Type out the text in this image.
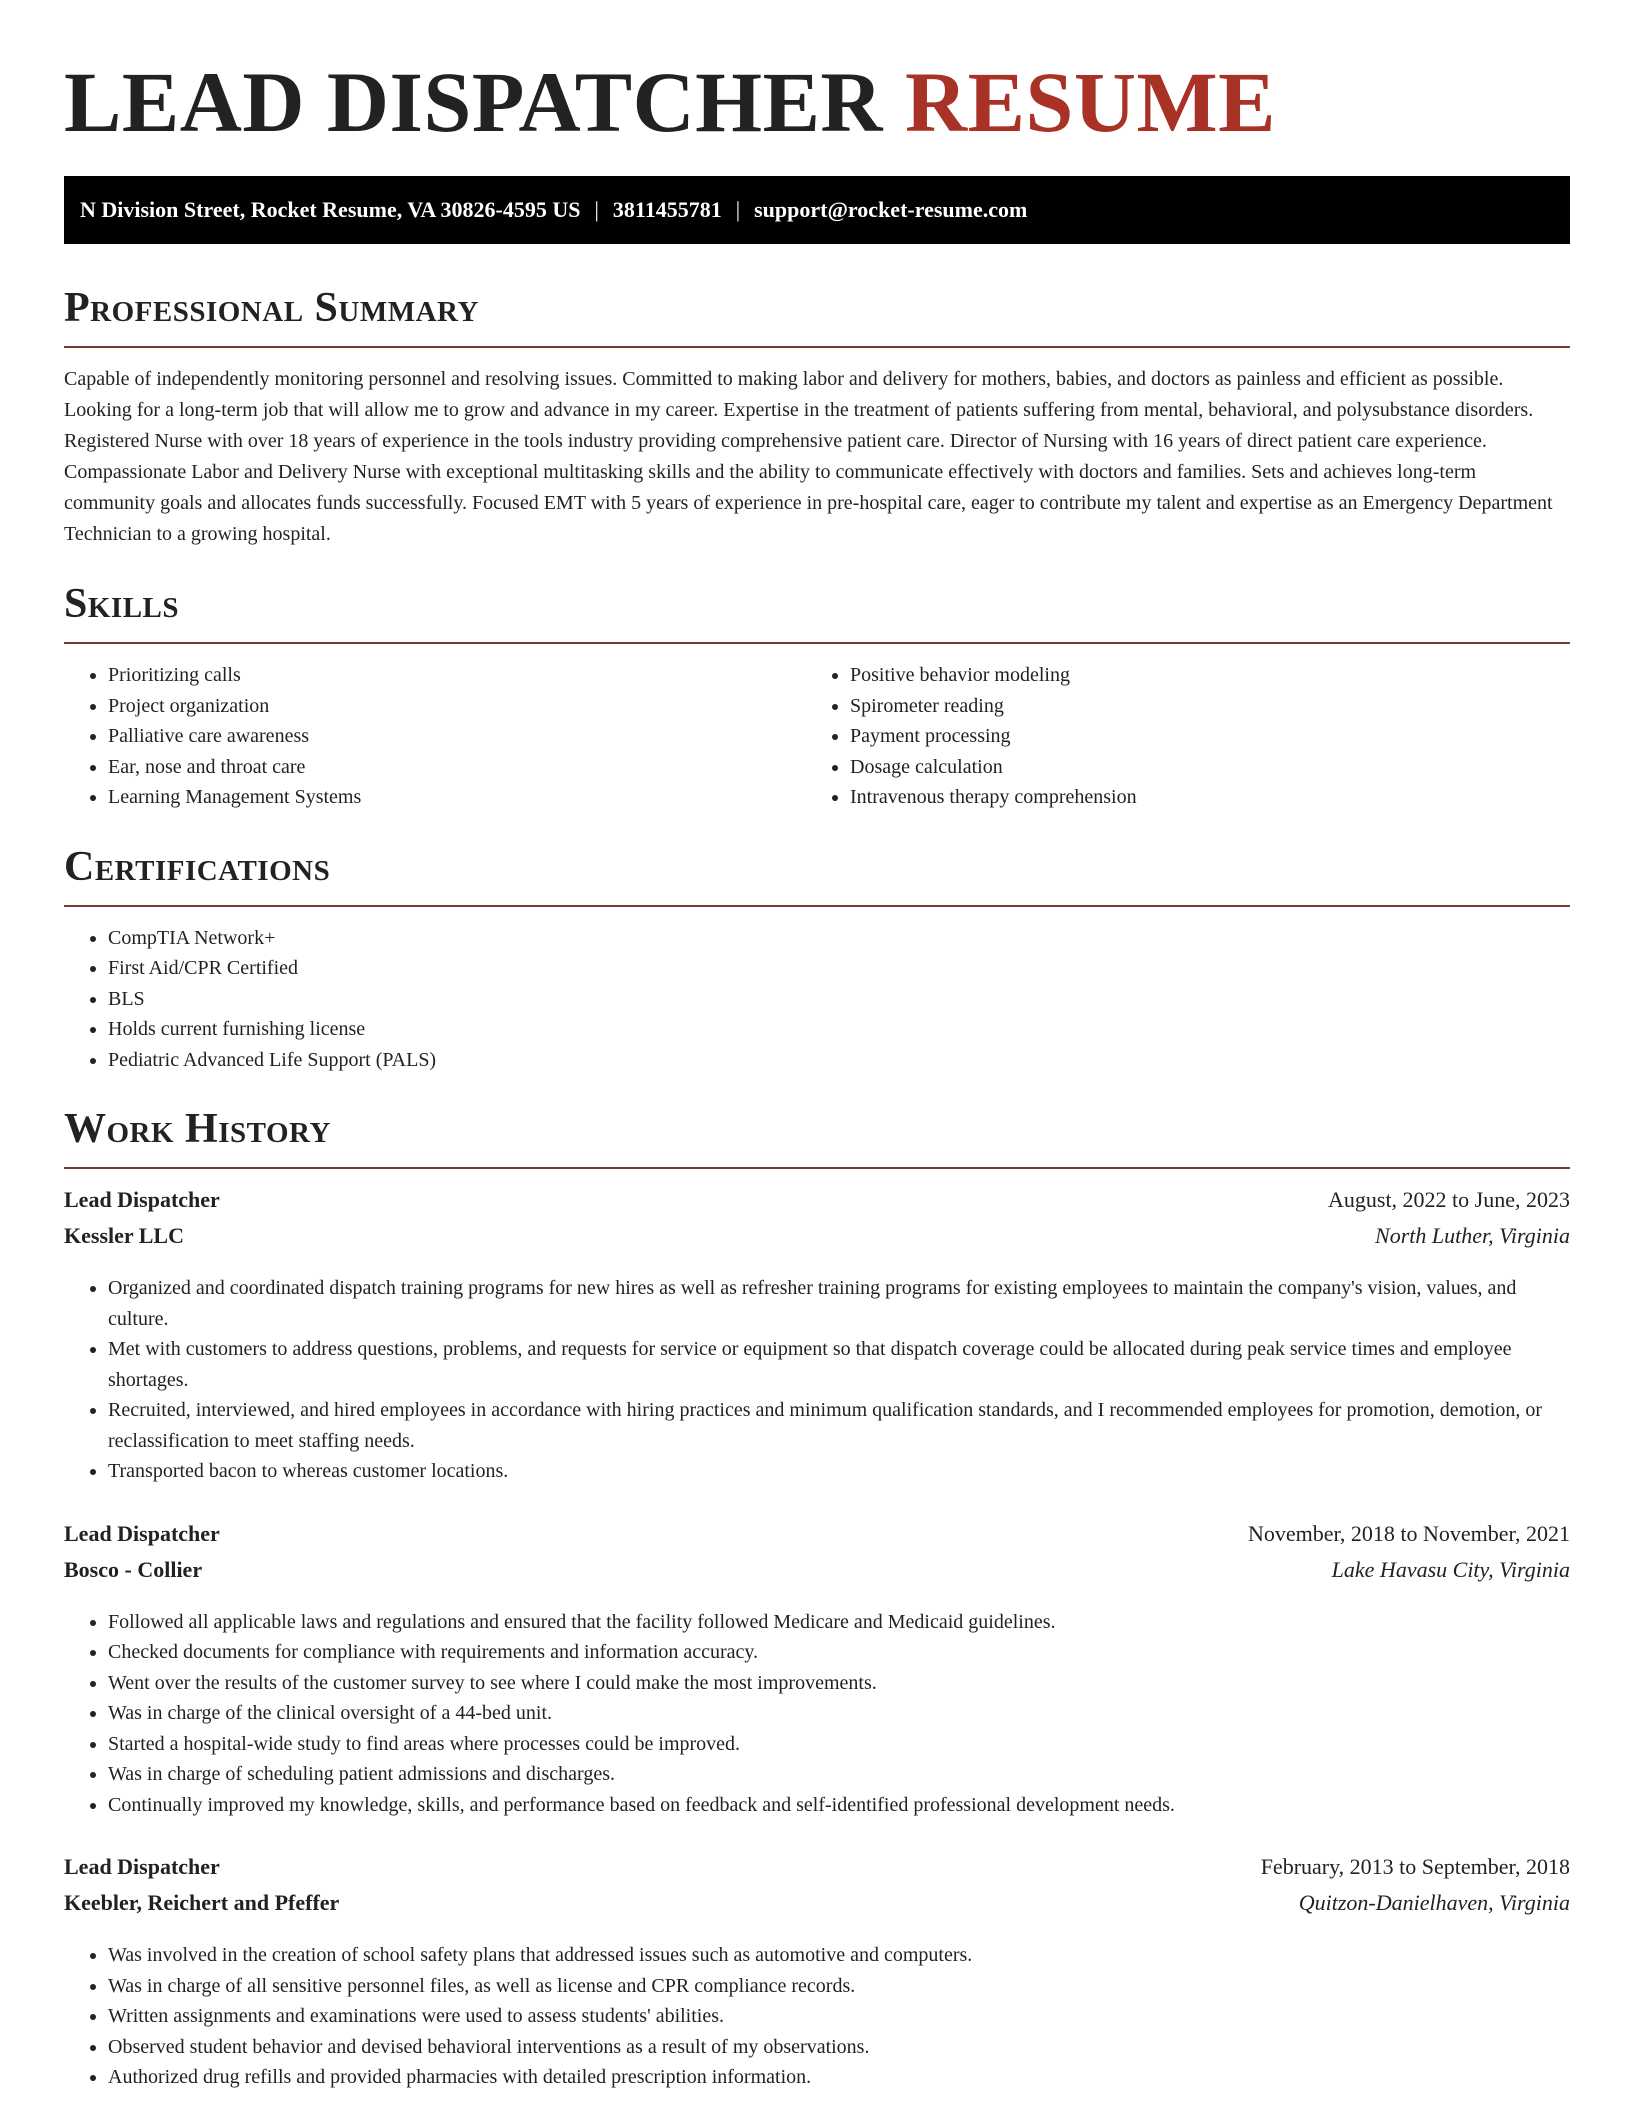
LEAD DISPATCHER RESUME
N Division Street, Rocket Resume, VA 30826-4595 US | 3811455781 | support@rocket-resume.com
Professional Summary

Capable of independently monitoring personnel and resolving issues. Committed to making labor and delivery for mothers, babies, and doctors as painless and efficient as possible. Looking for a long-term job that will allow me to grow and advance in my career. Expertise in the treatment of patients suffering from mental, behavioral, and polysubstance disorders. Registered Nurse with over 18 years of experience in the tools industry providing comprehensive patient care. Director of Nursing with 16 years of direct patient care experience. Compassionate Labor and Delivery Nurse with exceptional multitasking skills and the ability to communicate effectively with doctors and families. Sets and achieves long-term community goals and allocates funds successfully. Focused EMT with 5 years of experience in pre-hospital care, eager to contribute my talent and expertise as an Emergency Department Technician to a growing hospital.

Skills
• Prioritizing calls
• Project organization
• Palliative care awareness
• Ear, nose and throat care
• Learning Management Systems
• Positive behavior modeling
• Spirometer reading
• Payment processing
• Dosage calculation
• Intravenous therapy comprehension
Certifications
• CompTIA Network+
• First Aid/CPR Certified
• BLS
• Holds current furnishing license
• Pediatric Advanced Life Support (PALS)
Work History
Lead Dispatcher	August, 2022 to June, 2023
Kessler LLC	North Luther, Virginia
• Organized and coordinated dispatch training programs for new hires as well as refresher training programs for existing employees to maintain the company's vision, values, and culture.
• Met with customers to address questions, problems, and requests for service or equipment so that dispatch coverage could be allocated during peak service times and employee shortages.
• Recruited, interviewed, and hired employees in accordance with hiring practices and minimum qualification standards, and I recommended employees for promotion, demotion, or reclassification to meet staffing needs.
• Transported bacon to whereas customer locations.
Lead Dispatcher	November, 2018 to November, 2021
Bosco - Collier	Lake Havasu City, Virginia
• Followed all applicable laws and regulations and ensured that the facility followed Medicare and Medicaid guidelines.
• Checked documents for compliance with requirements and information accuracy.
• Went over the results of the customer survey to see where I could make the most improvements.
• Was in charge of the clinical oversight of a 44-bed unit.
• Started a hospital-wide study to find areas where processes could be improved.
• Was in charge of scheduling patient admissions and discharges.
• Continually improved my knowledge, skills, and performance based on feedback and self-identified professional development needs.
Lead Dispatcher	February, 2013 to September, 2018
Keebler, Reichert and Pfeffer	Quitzon-Danielhaven, Virginia
• Was involved in the creation of school safety plans that addressed issues such as automotive and computers.
• Was in charge of all sensitive personnel files, as well as license and CPR compliance records.
• Written assignments and examinations were used to assess students' abilities.
• Observed student behavior and devised behavioral interventions as a result of my observations.
• Authorized drug refills and provided pharmacies with detailed prescription information.
